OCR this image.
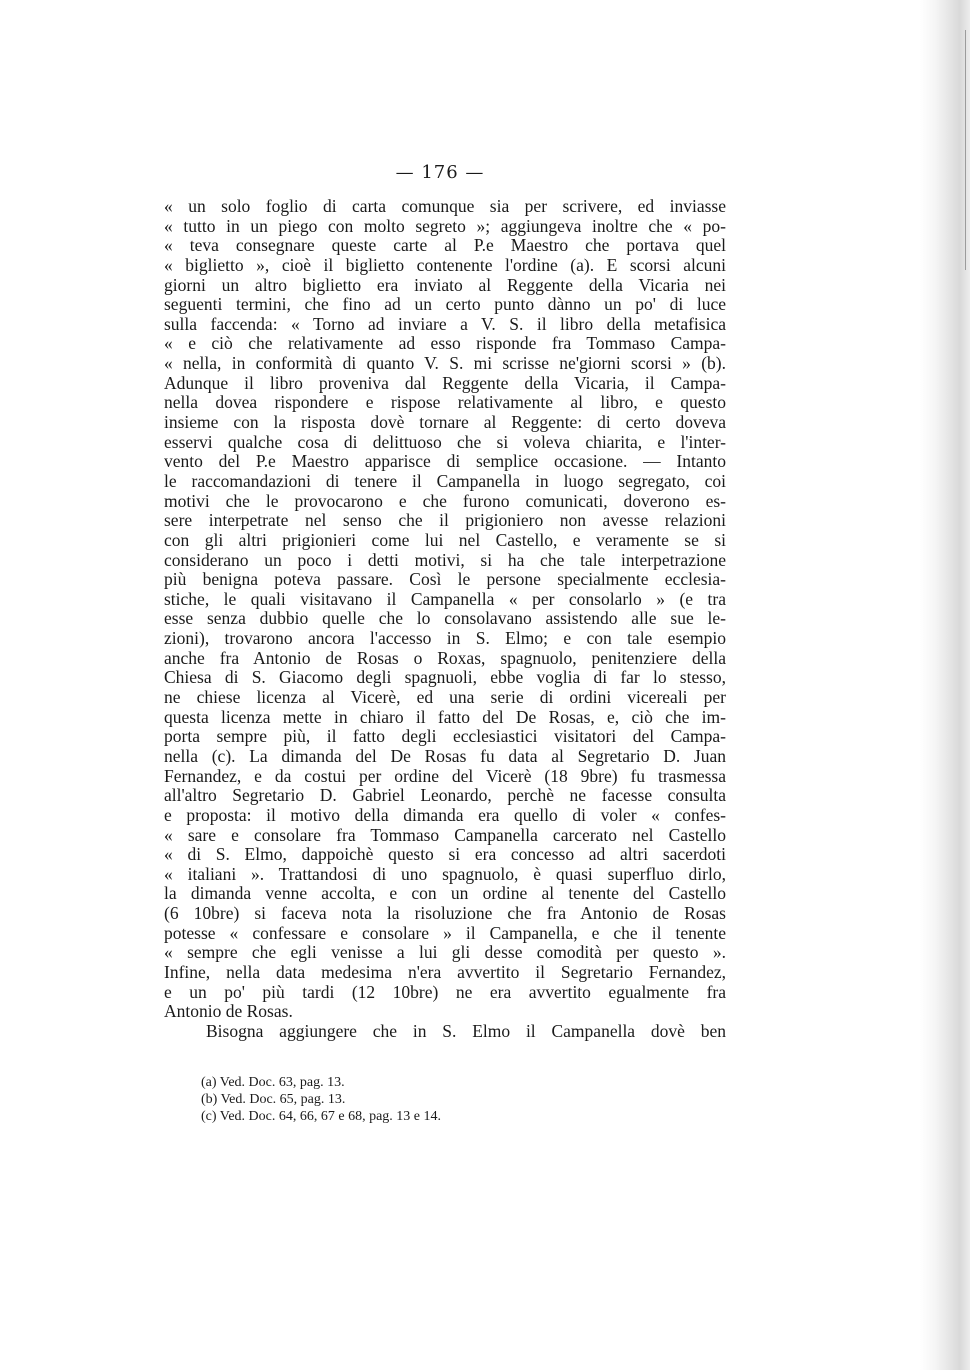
— 176 —
« un solo foglio di carta comunque sia per scrivere, ed inviasse
« tutto in un piego con molto segreto »; aggiungeva inoltre che « po-
« teva consegnare queste carte al P.e Maestro che portava quel
« biglietto », cioè il biglietto contenente l'ordine (a). E scorsi alcuni
giorni un altro biglietto era inviato al Reggente della Vicaria nei
seguenti termini, che fino ad un certo punto dànno un po' di luce
sulla faccenda: « Torno ad inviare a V. S. il libro della metafisica
« e ciò che relativamente ad esso risponde fra Tommaso Campa-
« nella, in conformità di quanto V. S. mi scrisse ne'giorni scorsi » (b).
Adunque il libro proveniva dal Reggente della Vicaria, il Campa-
nella dovea rispondere e rispose relativamente al libro, e questo
insieme con la risposta dovè tornare al Reggente: di certo doveva
esservi qualche cosa di delittuoso che si voleva chiarita, e l'inter-
vento del P.e Maestro apparisce di semplice occasione. — Intanto
le raccomandazioni di tenere il Campanella in luogo segregato, coi
motivi che le provocarono e che furono comunicati, doverono es-
sere interpetrate nel senso che il prigioniero non avesse relazioni
con gli altri prigionieri come lui nel Castello, e veramente se si
considerano un poco i detti motivi, si ha che tale interpetrazione
più benigna poteva passare. Così le persone specialmente ecclesia-
stiche, le quali visitavano il Campanella « per consolarlo » (e tra
esse senza dubbio quelle che lo consolavano assistendo alle sue le-
zioni), trovarono ancora l'accesso in S. Elmo; e con tale esempio
anche fra Antonio de Rosas o Roxas, spagnuolo, penitenziere della
Chiesa di S. Giacomo degli spagnuoli, ebbe voglia di far lo stesso,
ne chiese licenza al Vicerè, ed una serie di ordini vicereali per
questa licenza mette in chiaro il fatto del De Rosas, e, ciò che im-
porta sempre più, il fatto degli ecclesiastici visitatori del Campa-
nella (c). La dimanda del De Rosas fu data al Segretario D. Juan
Fernandez, e da costui per ordine del Vicerè (18 9bre) fu trasmessa
all'altro Segretario D. Gabriel Leonardo, perchè ne facesse consulta
e proposta: il motivo della dimanda era quello di voler « confes-
« sare e consolare fra Tommaso Campanella carcerato nel Castello
« di S. Elmo, dappoichè questo si era concesso ad altri sacerdoti
« italiani ». Trattandosi di uno spagnuolo, è quasi superfluo dirlo,
la dimanda venne accolta, e con un ordine al tenente del Castello
(6 10bre) si faceva nota la risoluzione che fra Antonio de Rosas
potesse « confessare e consolare » il Campanella, e che il tenente
« sempre che egli venisse a lui gli desse comodità per questo ».
Infine, nella data medesima n'era avvertito il Segretario Fernandez,
e un po' più tardi (12 10bre) ne era avvertito egualmente fra
Antonio de Rosas.
Bisogna aggiungere che in S. Elmo il Campanella dovè ben
(a) Ved. Doc. 63, pag. 13.
(b) Ved. Doc. 65, pag. 13.
(c) Ved. Doc. 64, 66, 67 e 68, pag. 13 e 14.
